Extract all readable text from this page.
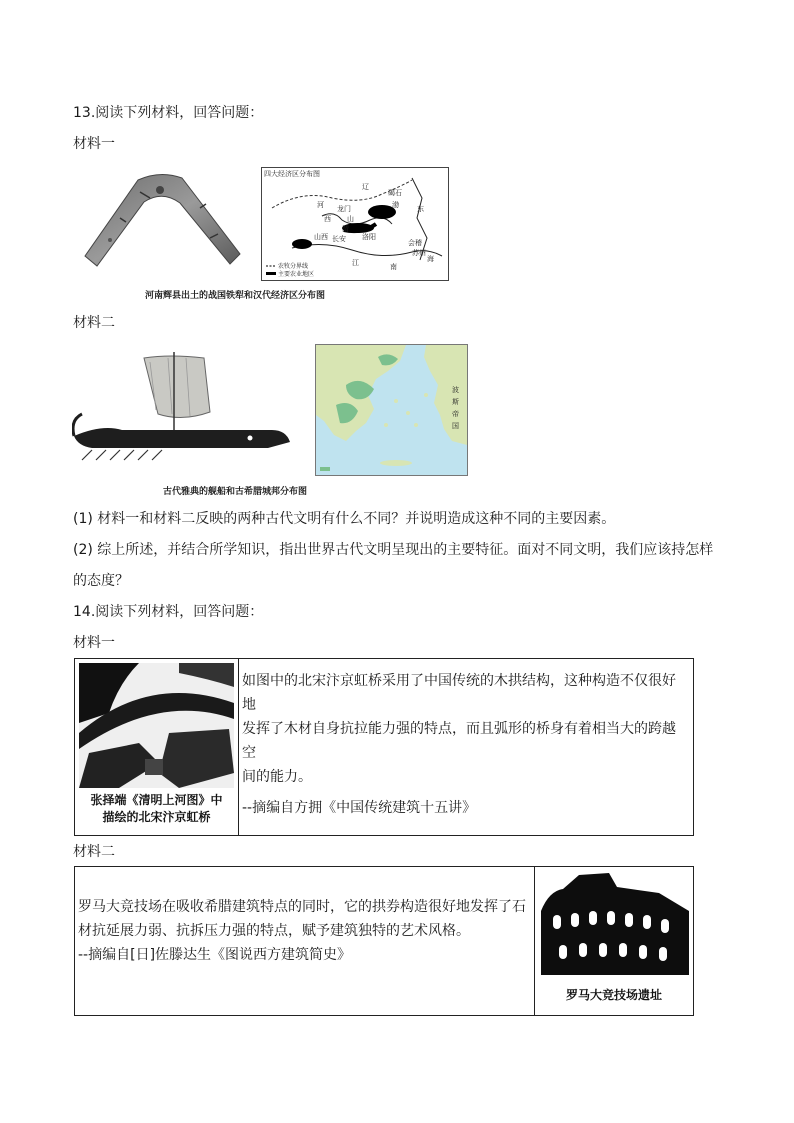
13.阅读下列材料，回答问题：
材料一
四大经济区分布图
辽
河 龙门
山
西
山西 长安
渭
洛阳
东
海
江	南
会稽
苏州
碣石
渤
农牧分界线
主要农业地区
河南辉县出土的战国铁犁和汉代经济区分布图
材料二
波
斯
帝
国
古代雅典的舰船和古希腊城邦分布图
(1) 材料一和材料二反映的两种古代文明有什么不同？并说明造成这种不同的主要因素。
(2) 综上所述，并结合所学知识，指出世界古代文明呈现出的主要特征。面对不同文明，我们应该持怎样
的态度？
14.阅读下列材料，回答问题：
材料一
张择端《清明上河图》中
描绘的北宋汴京虹桥

如图中的北宋汴京虹桥采用了中国传统的木拱结构，这种构造不仅很好地
发挥了木材自身抗拉能力强的特点，而且弧形的桥身有着相当大的跨越空
间的能力。
--摘编自方拥《中国传统建筑十五讲》
材料二
罗马大竞技场在吸收希腊建筑特点的同时，它的拱券构造很好地发挥了石
材抗延展力弱、抗拆压力强的特点，赋予建筑独特的艺术风格。
--摘编自[日]佐滕达生《图说西方建筑简史》

罗马大竞技场遗址
